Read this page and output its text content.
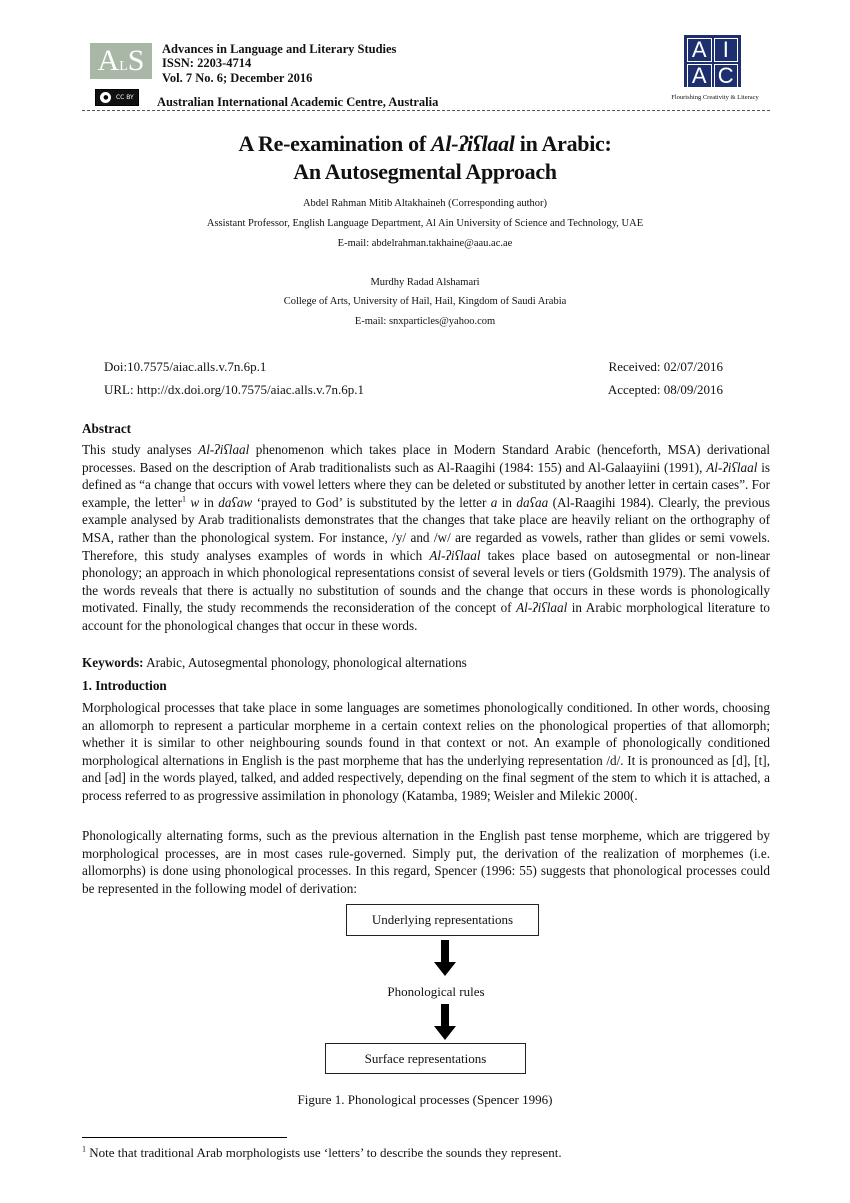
ALS	Advances in Language and Literary Studies
ISSN: 2203-4714
Vol. 7 No. 6; December 2016
●	CC BY Australian International Academic Centre, Australia
A I
A C
Flourishing Creativity & Literacy
A Re-examination of Al-ʔiʕlaal in Arabic:
An Autosegmental Approach
Abdel Rahman Mitib Altakhaineh (Corresponding author)
Assistant Professor, English Language Department, Al Ain University of Science and Technology, UAE
E-mail: abdelrahman.takhaine@aau.ac.ae
Murdhy Radad Alshamari
College of Arts, University of Hail, Hail, Kingdom of Saudi Arabia
E-mail: snxparticles@yahoo.com
Doi:10.7575/aiac.alls.v.7n.6p.1
URL: http://dx.doi.org/10.7575/aiac.alls.v.7n.6p.1
Received: 02/07/2016
Accepted: 08/09/2016
Abstract

This study analyses Al-ʔiʕlaal phenomenon which takes place in Modern Standard Arabic (henceforth, MSA) derivational processes. Based on the description of Arab traditionalists such as Al-Raagihi (1984: 155) and Al-Galaayiini (1991), Al-ʔiʕlaal is defined as “a change that occurs with vowel letters where they can be deleted or substituted by another letter in certain cases”. For example, the letter$^1$ w in daʕaw ‘prayed to God’ is substituted by the letter a in daʕaa (Al-Raagihi 1984). Clearly, the previous example analysed by Arab traditionalists demonstrates that the changes that take place are heavily reliant on the orthography of MSA, rather than the phonological system. For instance, /y/ and /w/ are regarded as vowels, rather than glides or semi vowels. Therefore, this study analyses examples of words in which Al-ʔiʕlaal takes place based on autosegmental or non-linear phonology; an approach in which phonological representations consist of several levels or tiers (Goldsmith 1979). The analysis of the words reveals that there is actually no substitution of sounds and the change that occurs in these words is phonologically motivated. Finally, the study recommends the reconsideration of the concept of Al-ʔiʕlaal in Arabic morphological literature to account for the phonological changes that occur in these words.

Keywords: Arabic, Autosegmental phonology, phonological alternations
1. Introduction

Morphological processes that take place in some languages are sometimes phonologically conditioned. In other words, choosing an allomorph to represent a particular morpheme in a certain context relies on the phonological properties of that allomorph; whether it is similar to other neighbouring sounds found in that context or not. An example of phonologically conditioned morphological alternations in English is the past morpheme that has the underlying representation /d/. It is pronounced as [d], [t], and [əd] in the words played, talked, and added respectively, depending on the final segment of the stem to which it is attached, a process referred to as progressive assimilation in phonology (Katamba, 1989; Weisler and Milekic 2000(.

Phonologically alternating forms, such as the previous alternation in the English past tense morpheme, which are triggered by morphological processes, are in most cases rule-governed. Simply put, the derivation of the realization of morphemes (i.e. allomorphs) is done using phonological processes. In this regard, Spencer (1996: 55) suggests that phonological processes could be represented in the following model of derivation:

Underlying representations
Phonological rules
Surface representations
Figure 1. Phonological processes (Spencer 1996)
$^1$ Note that traditional Arab morphologists use ‘letters’ to describe the sounds they represent.
